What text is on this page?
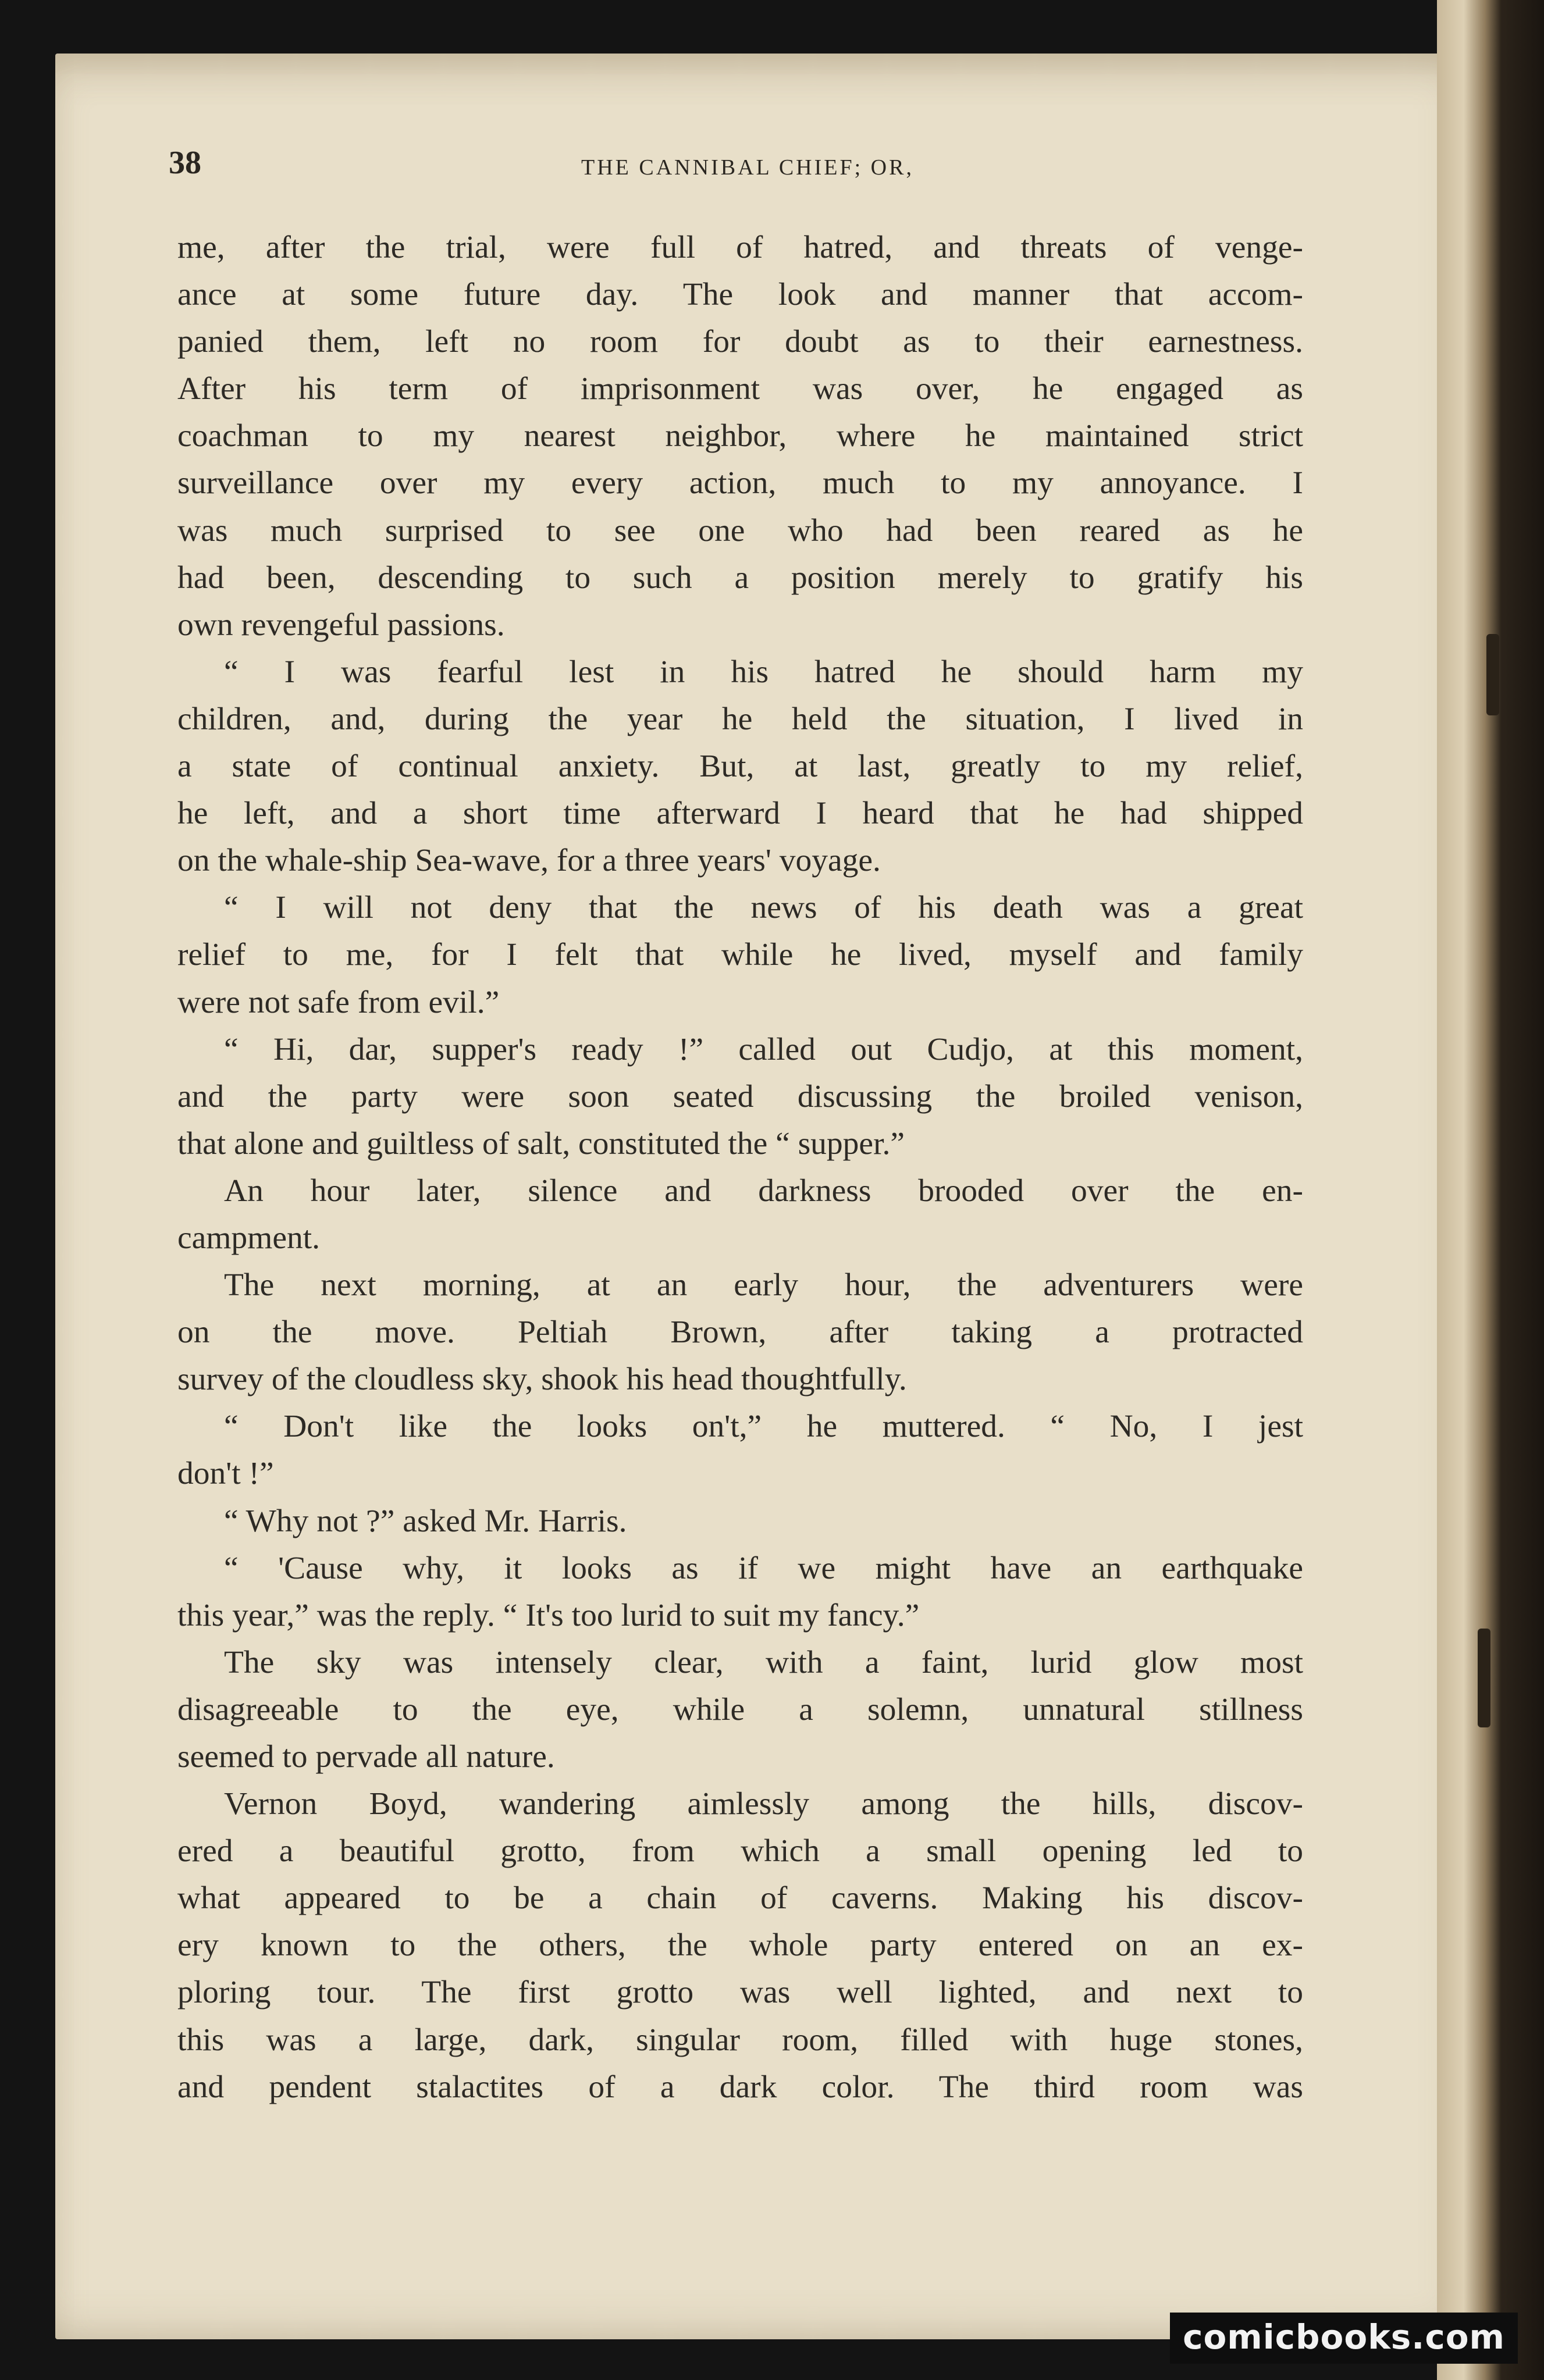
38	THE CANNIBAL CHIEF; OR,
me, after the trial, were full of hatred, and threats of venge-
ance at some future day. The look and manner that accom-
panied them, left no room for doubt as to their earnestness.
After his term of imprisonment was over, he engaged as
coachman to my nearest neighbor, where he maintained strict
surveillance over my every action, much to my annoyance. I
was much surprised to see one who had been reared as he
had been, descending to such a position merely to gratify his
own revengeful passions.
“ I was fearful lest in his hatred he should harm my
children, and, during the year he held the situation, I lived in
a state of continual anxiety. But, at last, greatly to my relief,
he left, and a short time afterward I heard that he had shipped
on the whale-ship Sea-wave, for a three years' voyage.
“ I will not deny that the news of his death was a great
relief to me, for I felt that while he lived, myself and family
were not safe from evil.”
“ Hi, dar, supper's ready !” called out Cudjo, at this moment,
and the party were soon seated discussing the broiled venison,
that alone and guiltless of salt, constituted the “ supper.”
An hour later, silence and darkness brooded over the en-
campment.
The next morning, at an early hour, the adventurers were
on the move. Peltiah Brown, after taking a protracted
survey of the cloudless sky, shook his head thoughtfully.
“ Don't like the looks on't,” he muttered. “ No, I jest
don't !”
“ Why not ?” asked Mr. Harris.
“ 'Cause why, it looks as if we might have an earthquake
this year,” was the reply. “ It's too lurid to suit my fancy.”
The sky was intensely clear, with a faint, lurid glow most
disagreeable to the eye, while a solemn, unnatural stillness
seemed to pervade all nature.
Vernon Boyd, wandering aimlessly among the hills, discov-
ered a beautiful grotto, from which a small opening led to
what appeared to be a chain of caverns. Making his discov-
ery known to the others, the whole party entered on an ex-
ploring tour. The first grotto was well lighted, and next to
this was a large, dark, singular room, filled with huge stones,
and pendent stalactites of a dark color. The third room was
comicbooks.com
